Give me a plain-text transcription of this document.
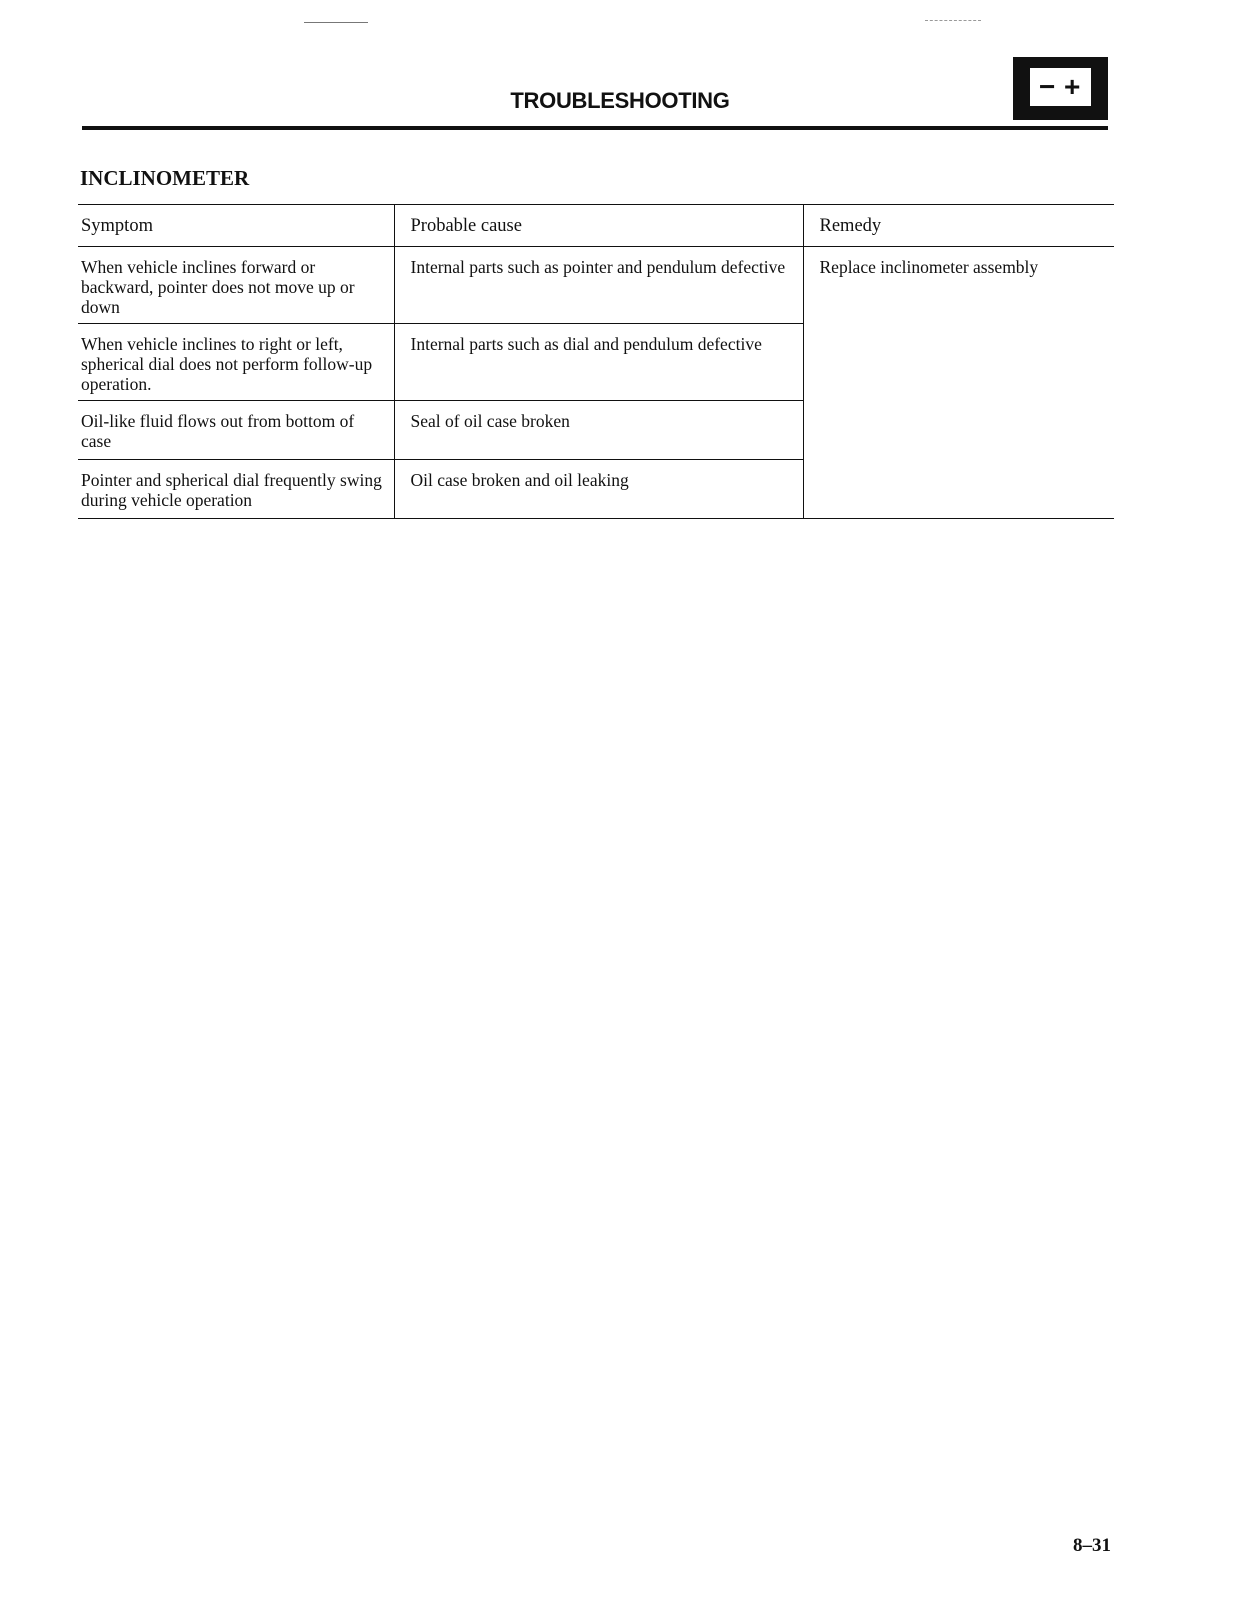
TROUBLESHOOTING	− +
INCLINOMETER
Symptom	Probable cause	Remedy
When vehicle inclines forward or backward, pointer does not move up or down	Internal parts such as pointer and pendulum defective	Replace inclinometer assembly
When vehicle inclines to right or left, spherical dial does not perform follow-up operation.	Internal parts such as dial and pendulum defective	
Oil-like fluid flows out from bottom of case	Seal of oil case broken	
Pointer and spherical dial frequently swing during vehicle operation	Oil case broken and oil leaking	
8–31
